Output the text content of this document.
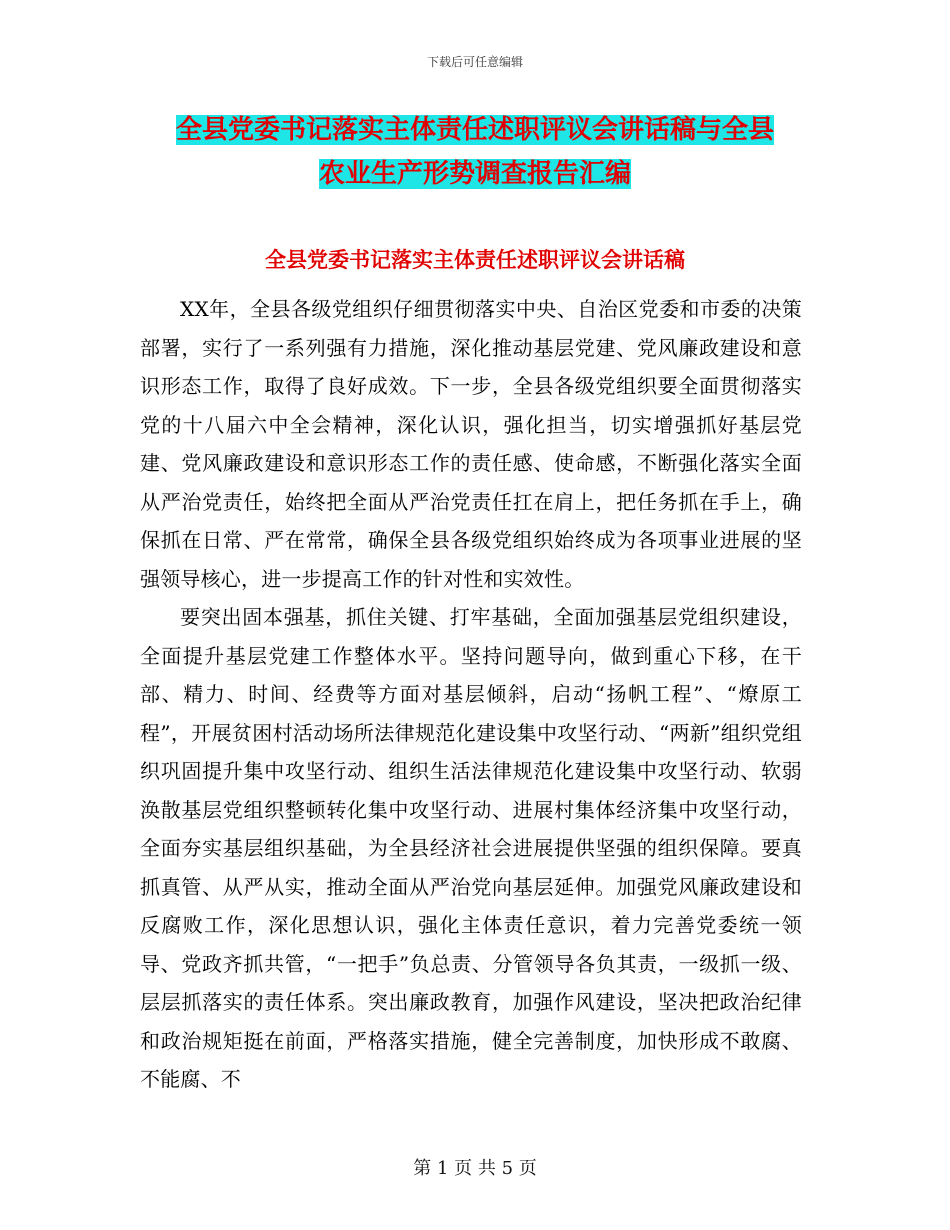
下载后可任意编辑
全县党委书记落实主体责任述职评议会讲话稿与全县
农业生产形势调查报告汇编
全县党委书记落实主体责任述职评议会讲话稿

XX年，全县各级党组织仔细贯彻落实中央、自治区党委和市委的决策部署，实行了一系列强有力措施，深化推动基层党建、党风廉政建设和意识形态工作，取得了良好成效。下一步，全县各级党组织要全面贯彻落实党的十八届六中全会精神，深化认识，强化担当，切实增强抓好基层党建、党风廉政建设和意识形态工作的责任感、使命感，不断强化落实全面从严治党责任，始终把全面从严治党责任扛在肩上，把任务抓在手上，确保抓在日常、严在常常，确保全县各级党组织始终成为各项事业进展的坚强领导核心，进一步提高工作的针对性和实效性。

要突出固本强基，抓住关键、打牢基础，全面加强基层党组织建设，全面提升基层党建工作整体水平。坚持问题导向，做到重心下移，在干部、精力、时间、经费等方面对基层倾斜，启动“扬帆工程”、“燎原工程”，开展贫困村活动场所法律规范化建设集中攻坚行动、“两新”组织党组织巩固提升集中攻坚行动、组织生活法律规范化建设集中攻坚行动、软弱涣散基层党组织整顿转化集中攻坚行动、进展村集体经济集中攻坚行动，全面夯实基层组织基础，为全县经济社会进展提供坚强的组织保障。要真抓真管、从严从实，推动全面从严治党向基层延伸。加强党风廉政建设和反腐败工作，深化思想认识，强化主体责任意识，着力完善党委统一领导、党政齐抓共管，“一把手”负总责、分管领导各负其责，一级抓一级、层层抓落实的责任体系。突出廉政教育，加强作风建设，坚决把政治纪律和政治规矩挺在前面，严格落实措施，健全完善制度，加快形成不敢腐、不能腐、不

第 1 页 共 5 页
